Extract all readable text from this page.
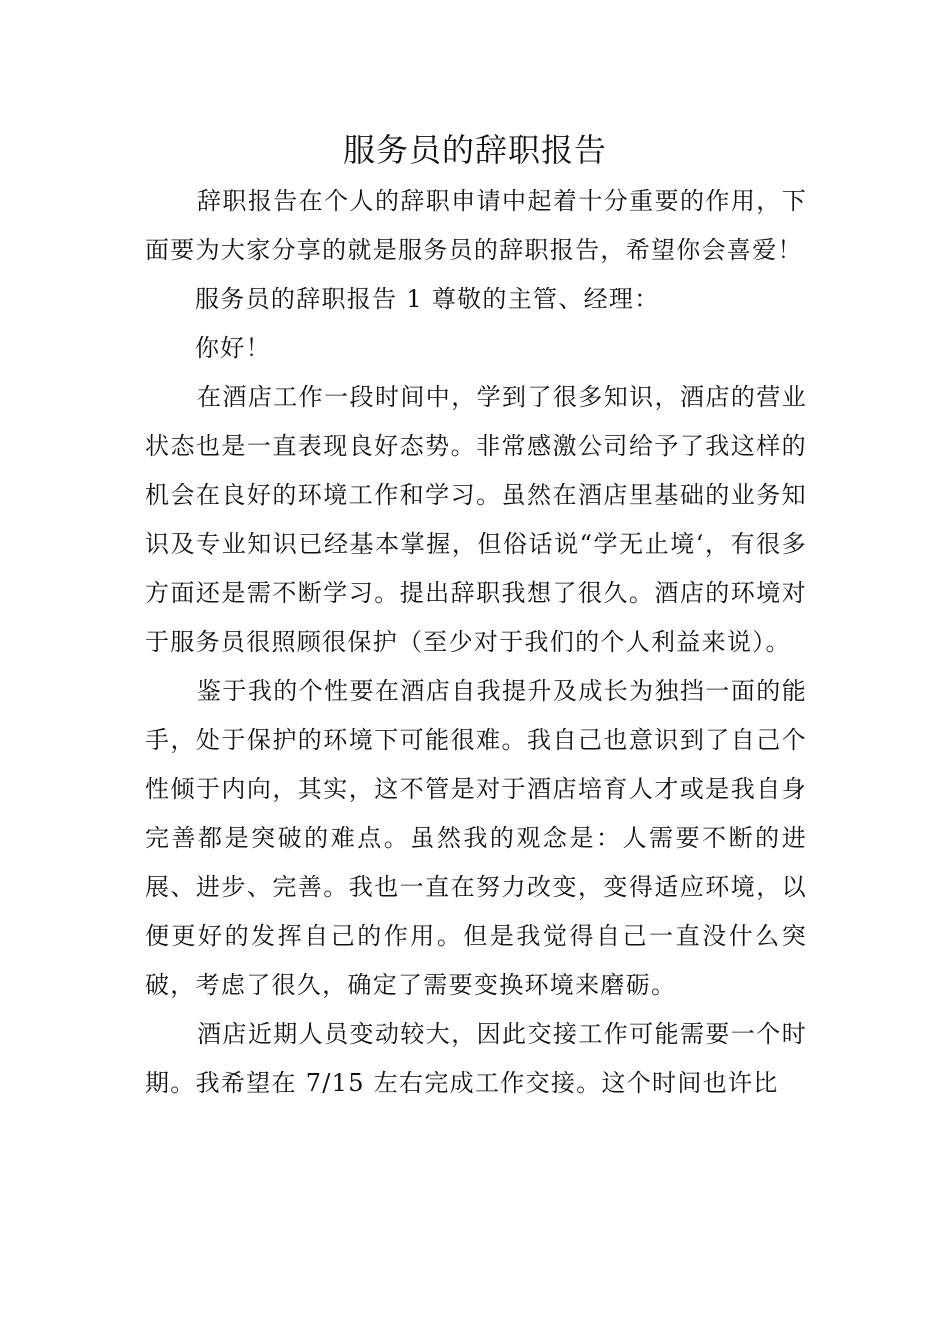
服务员的辞职报告

辞职报告在个人的辞职申请中起着十分重要的作用，下面要为大家分享的就是服务员的辞职报告，希望你会喜爱！

服务员的辞职报告 1 尊敬的主管、经理：

你好！

在酒店工作一段时间中，学到了很多知识，酒店的营业状态也是一直表现良好态势。非常感激公司给予了我这样的机会在良好的环境工作和学习。虽然在酒店里基础的业务知识及专业知识已经基本掌握，但俗话说“学无止境‘，有很多方面还是需不断学习。提出辞职我想了很久。酒店的环境对于服务员很照顾很保护（至少对于我们的个人利益来说）。

鉴于我的个性要在酒店自我提升及成长为独挡一面的能手，处于保护的环境下可能很难。我自己也意识到了自己个性倾于内向，其实，这不管是对于酒店培育人才或是我自身完善都是突破的难点。虽然我的观念是：人需要不断的进展、进步、完善。我也一直在努力改变，变得适应环境，以便更好的发挥自己的作用。但是我觉得自己一直没什么突破，考虑了很久，确定了需要变换环境来磨砺。

酒店近期人员变动较大，因此交接工作可能需要一个时期。我希望在 7/15 左右完成工作交接。这个时间也许比
